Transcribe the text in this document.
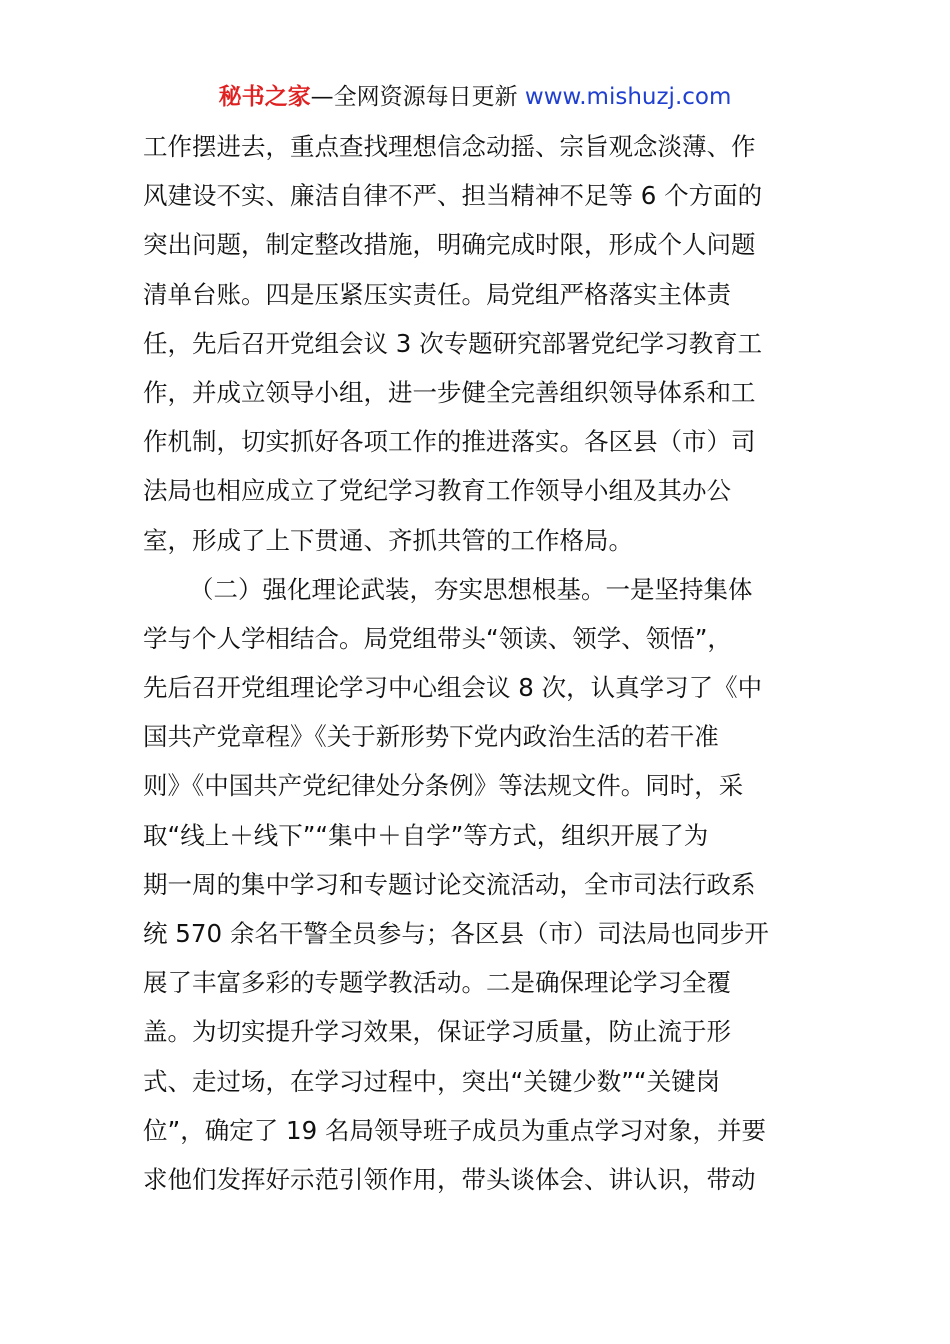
秘书之家—全网资源每日更新 www.mishuzj.com
工作摆进去，重点查找理想信念动摇、宗旨观念淡薄、作
风建设不实、廉洁自律不严、担当精神不足等 6 个方面的
突出问题，制定整改措施，明确完成时限，形成个人问题
清单台账。四是压紧压实责任。局党组严格落实主体责
任，先后召开党组会议 3 次专题研究部署党纪学习教育工
作，并成立领导小组，进一步健全完善组织领导体系和工
作机制，切实抓好各项工作的推进落实。各区县（市）司
法局也相应成立了党纪学习教育工作领导小组及其办公
室，形成了上下贯通、齐抓共管的工作格局。
（二）强化理论武装，夯实思想根基。一是坚持集体
学与个人学相结合。局党组带头“领读、领学、领悟”，
先后召开党组理论学习中心组会议 8 次，认真学习了《中
国共产党章程》《关于新形势下党内政治生活的若干准
则》《中国共产党纪律处分条例》等法规文件。同时，采
取“线上＋线下”“集中＋自学”等方式，组织开展了为
期一周的集中学习和专题讨论交流活动，全市司法行政系
统 570 余名干警全员参与；各区县（市）司法局也同步开
展了丰富多彩的专题学教活动。二是确保理论学习全覆
盖。为切实提升学习效果，保证学习质量，防止流于形
式、走过场，在学习过程中，突出“关键少数”“关键岗
位”，确定了 19 名局领导班子成员为重点学习对象，并要
求他们发挥好示范引领作用，带头谈体会、讲认识，带动
